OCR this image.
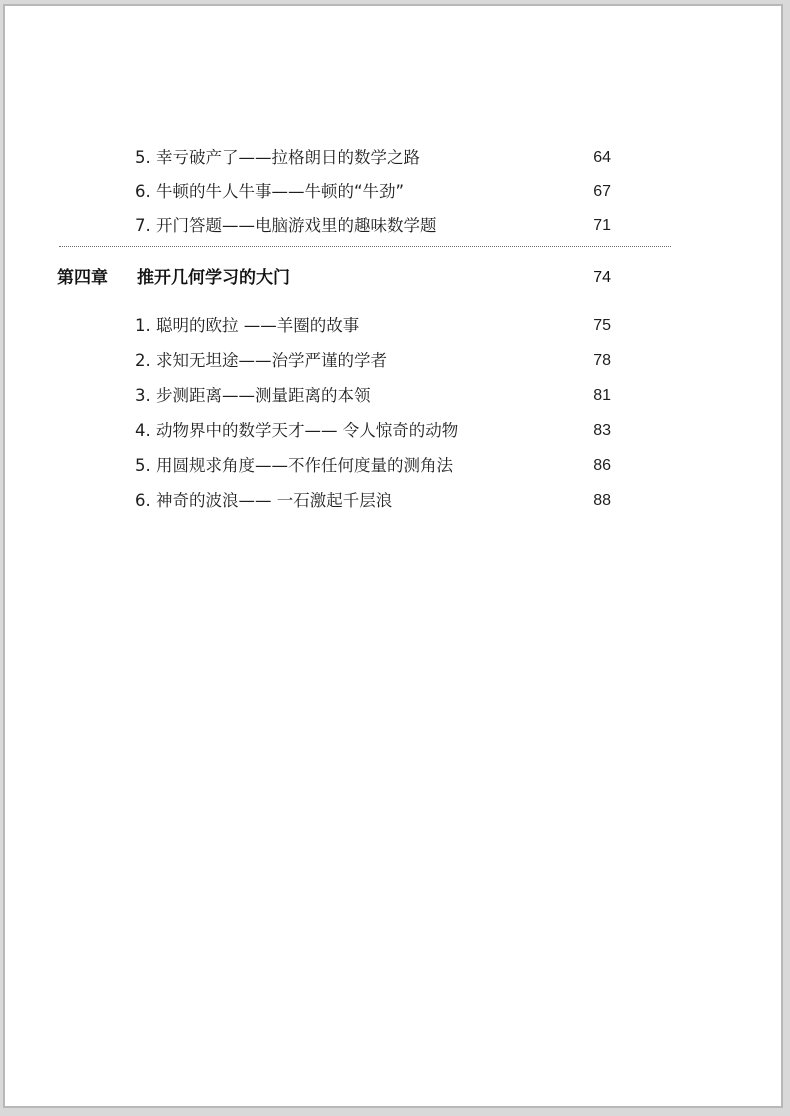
5. 幸亏破产了——拉格朗日的数学之路	64
6. 牛顿的牛人牛事——牛顿的“牛劲”	67
7. 开门答题——电脑游戏里的趣味数学题	71
第四章 推开几何学习的大门	74
1. 聪明的欧拉 ——羊圈的故事	75
2. 求知无坦途——治学严谨的学者	78
3. 步测距离——测量距离的本领	81
4. 动物界中的数学天才—— 令人惊奇的动物	83
5. 用圆规求角度——不作任何度量的测角法	86
6. 神奇的波浪—— 一石激起千层浪	88
